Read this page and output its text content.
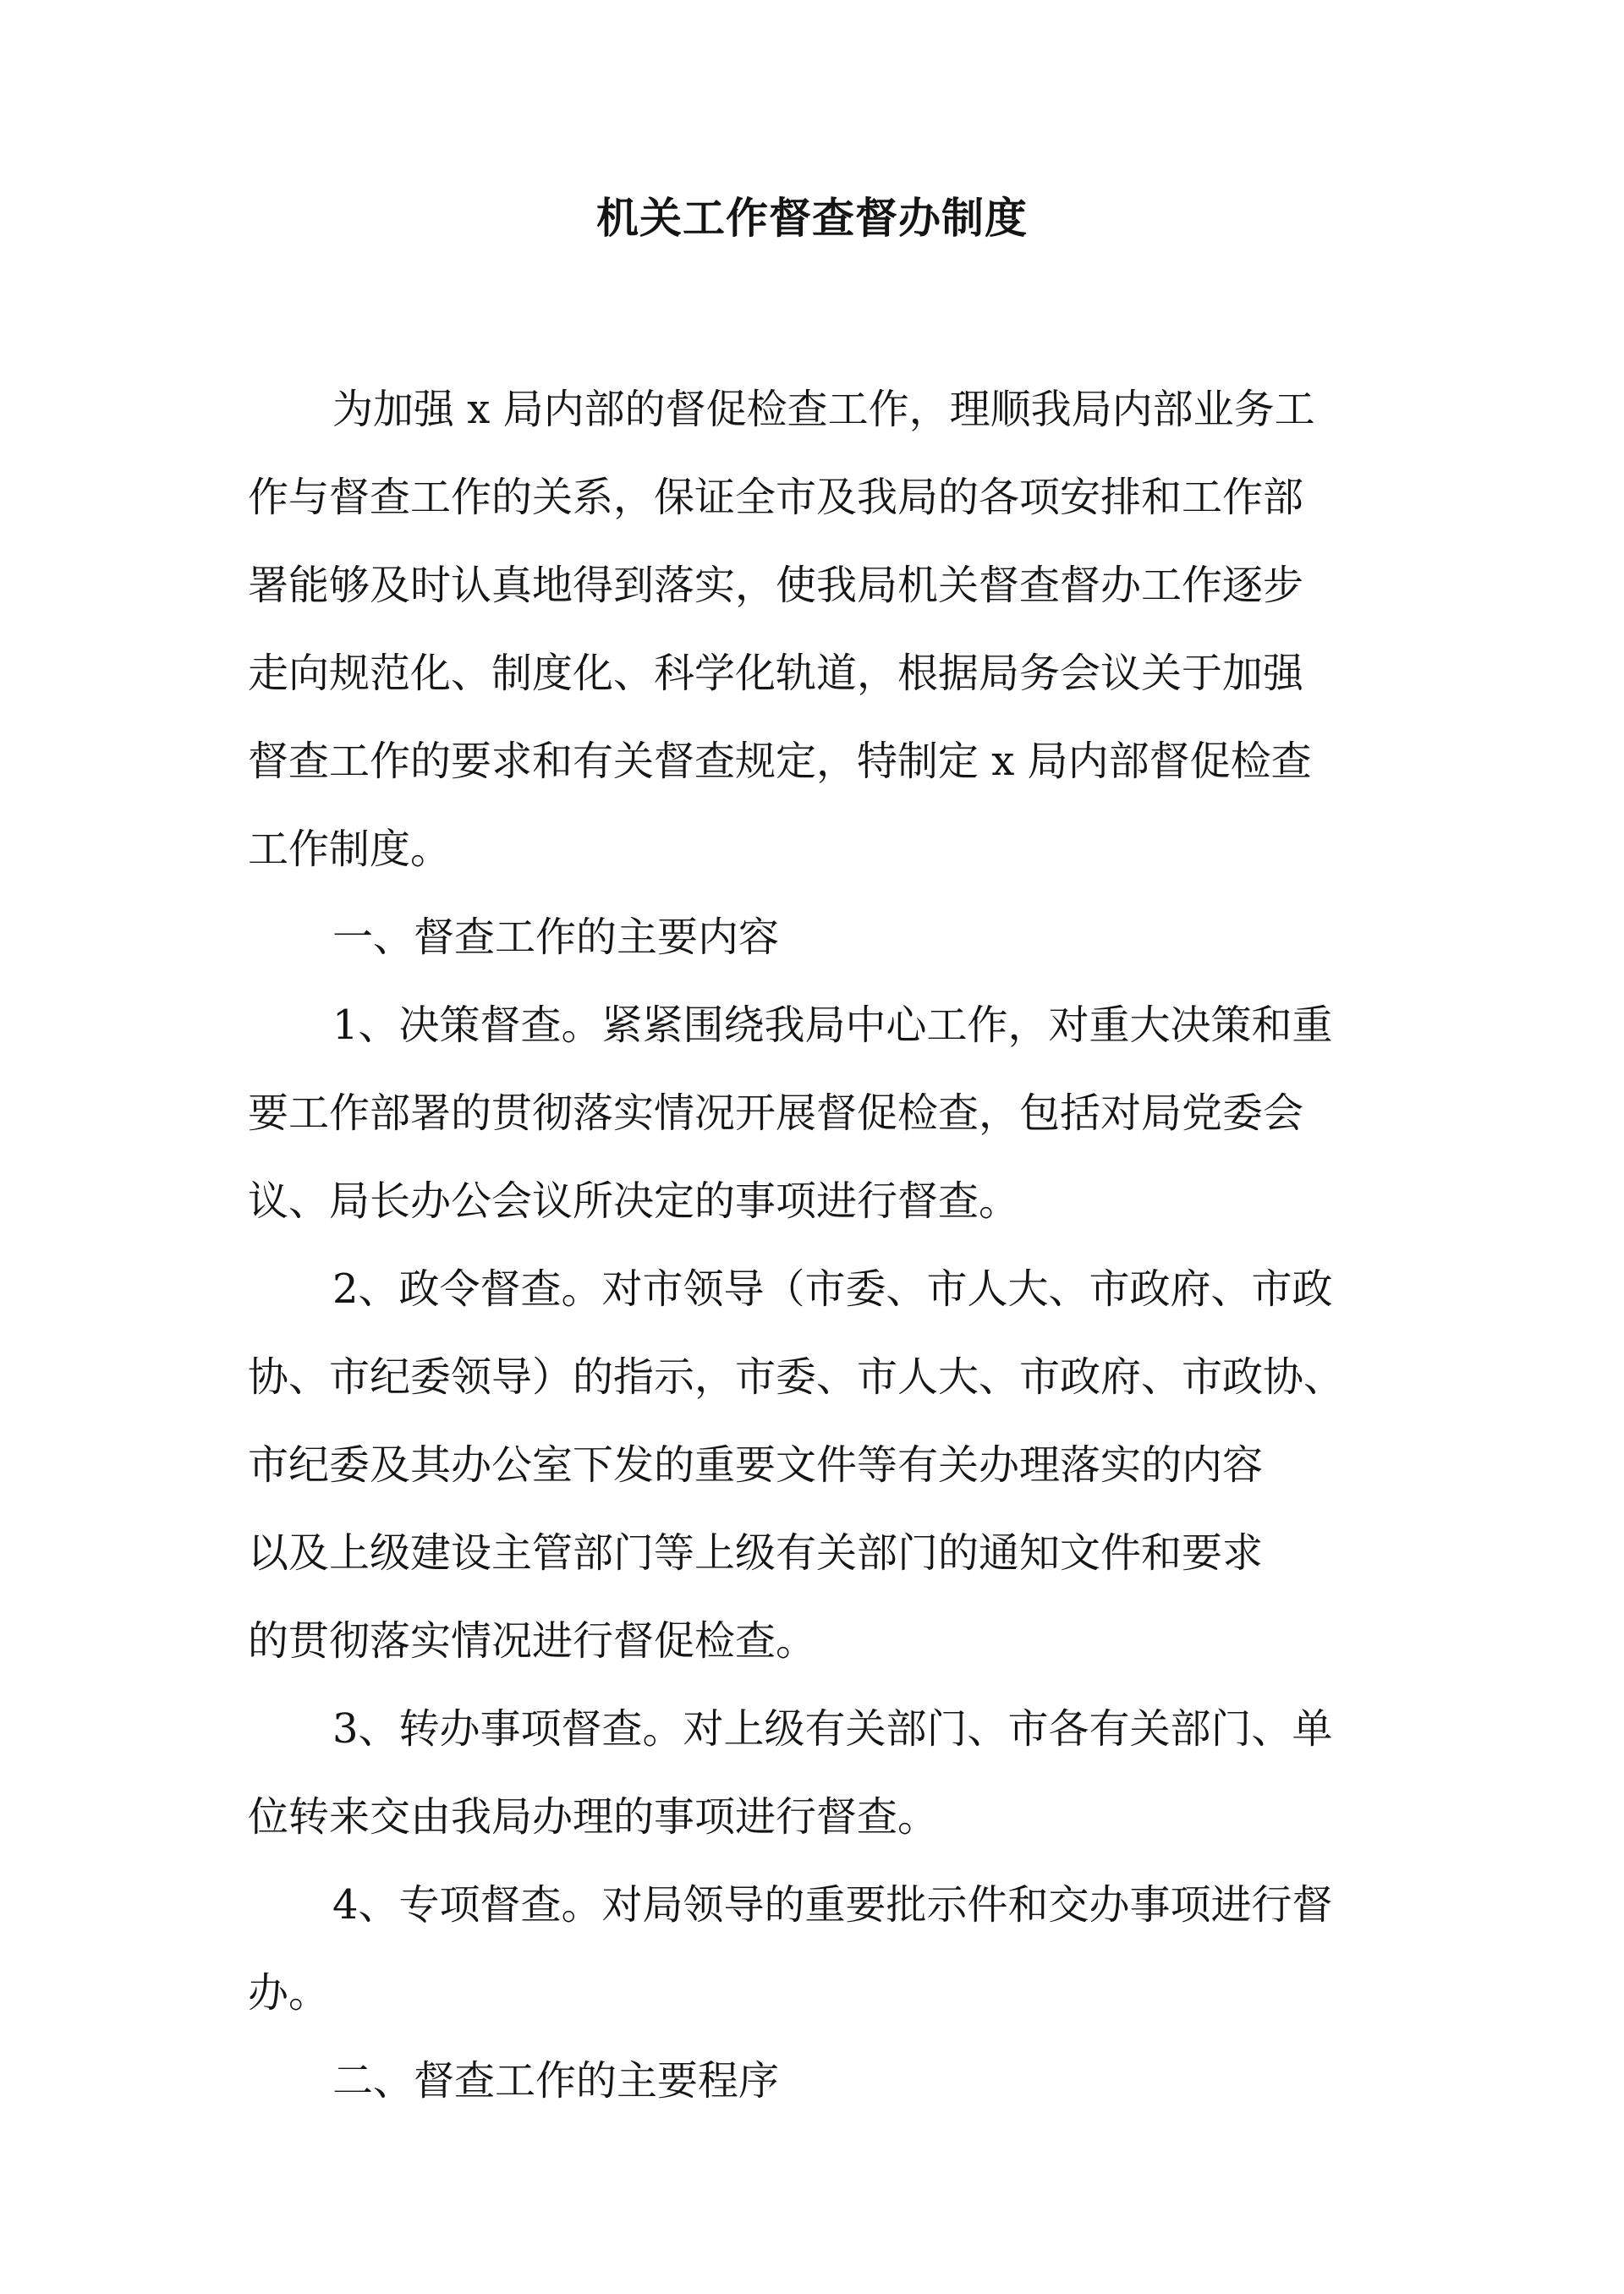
机关工作督查督办制度

为加强 x 局内部的督促检查工作，理顺我局内部业务工

作与督查工作的关系，保证全市及我局的各项安排和工作部

署能够及时认真地得到落实，使我局机关督查督办工作逐步

走向规范化、制度化、科学化轨道，根据局务会议关于加强

督查工作的要求和有关督查规定，特制定 x 局内部督促检查

工作制度。

一、督查工作的主要内容

1、决策督查。紧紧围绕我局中心工作，对重大决策和重

要工作部署的贯彻落实情况开展督促检查，包括对局党委会

议、局长办公会议所决定的事项进行督查。

2、政令督查。对市领导（市委、市人大、市政府、市政

协、市纪委领导）的指示，市委、市人大、市政府、市政协、

市纪委及其办公室下发的重要文件等有关办理落实的内容

以及上级建设主管部门等上级有关部门的通知文件和要求

的贯彻落实情况进行督促检查。

3、转办事项督查。对上级有关部门、市各有关部门、单

位转来交由我局办理的事项进行督查。

4、专项督查。对局领导的重要批示件和交办事项进行督

办。

二、督查工作的主要程序
